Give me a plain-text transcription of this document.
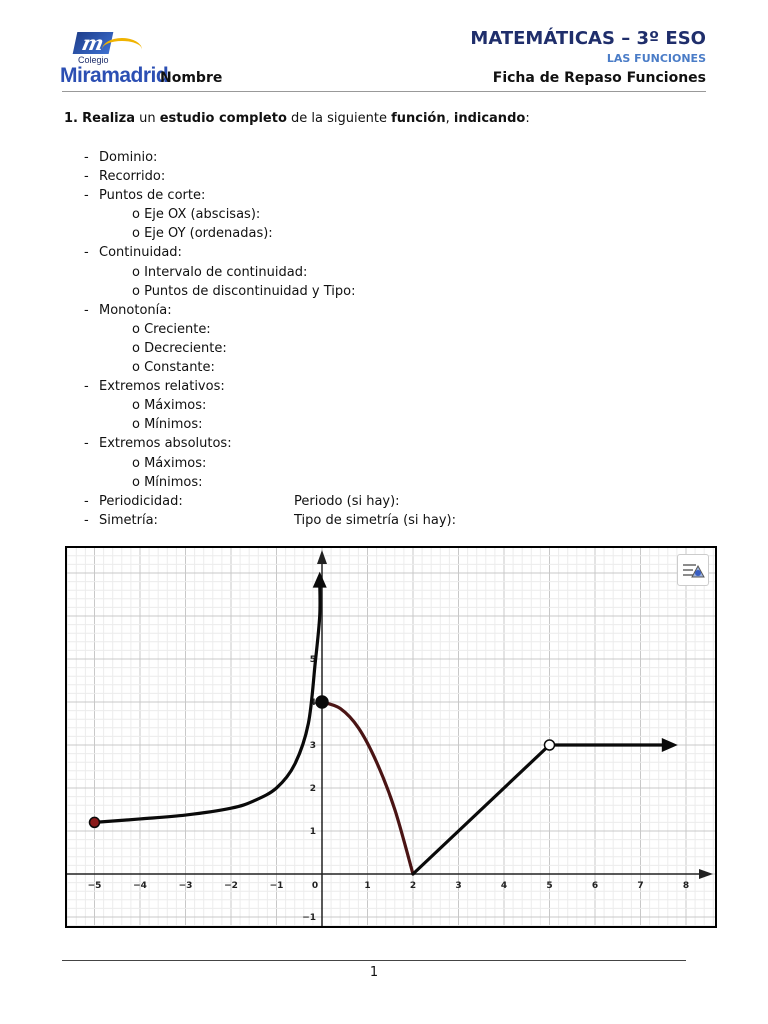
m
Colegio
Miramadrid
Nombre
MATEMÁTICAS – 3º ESO
LAS FUNCIONES
Ficha de Repaso Funciones
1. Realiza un estudio completo de la siguiente función, indicando:
- Dominio:
- Recorrido:
- Puntos de corte:
o Eje OX (abscisas):
o Eje OY (ordenadas):
- Continuidad:
o Intervalo de continuidad:
o Puntos de discontinuidad y Tipo:
- Monotonía:
o Creciente:
o Decreciente:
o Constante:
- Extremos relativos:
o Máximos:
o Mínimos:
- Extremos absolutos:
o Máximos:
o Mínimos:
- Periodicidad:	Periodo (si hay):
- Simetría:	Tipo de simetría (si hay):
−5	−4	−3	−2	−1	0	1	2	3	4	5	6	7	8
−1
1
2
3
4
5
1
